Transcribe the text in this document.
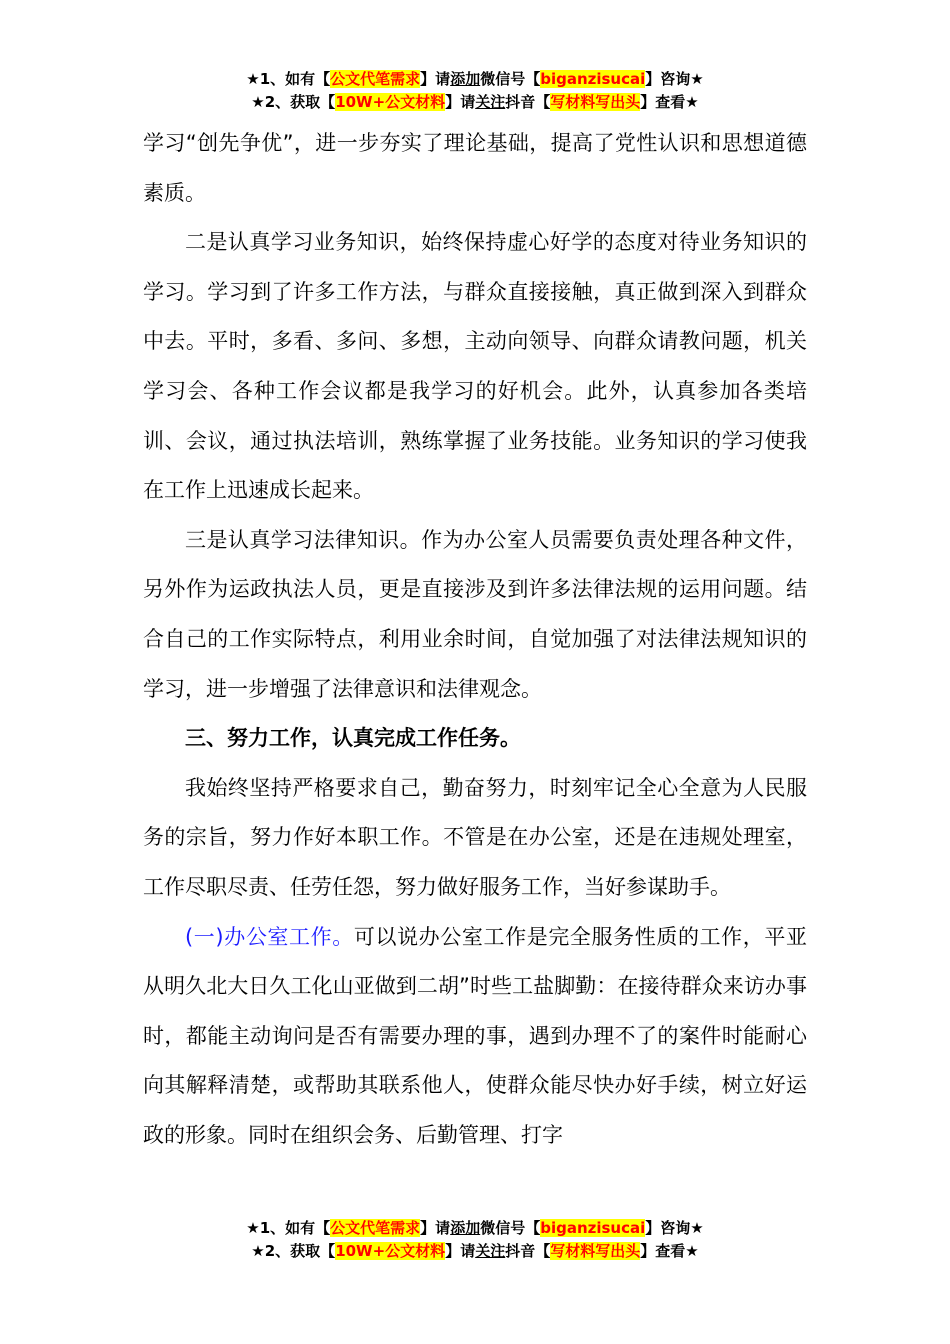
★1、如有【公文代笔需求】请添加微信号【biganzisucai】咨询★
★2、获取【10W+公文材料】请关注抖音【写材料写出头】查看★

学习“创先争优”，进一步夯实了理论基础，提高了党性认识和思想道德素质。

二是认真学习业务知识，始终保持虚心好学的态度对待业务知识的学习。学习到了许多工作方法，与群众直接接触，真正做到深入到群众中去。平时，多看、多问、多想，主动向领导、向群众请教问题，机关学习会、各种工作会议都是我学习的好机会。此外，认真参加各类培训、会议，通过执法培训，熟练掌握了业务技能。业务知识的学习使我在工作上迅速成长起来。

三是认真学习法律知识。作为办公室人员需要负责处理各种文件，另外作为运政执法人员，更是直接涉及到许多法律法规的运用问题。结合自己的工作实际特点，利用业余时间，自觉加强了对法律法规知识的学习，进一步增强了法律意识和法律观念。

三、努力工作，认真完成工作任务。

我始终坚持严格要求自己，勤奋努力，时刻牢记全心全意为人民服务的宗旨，努力作好本职工作。不管是在办公室，还是在违规处理室，工作尽职尽责、任劳任怨，努力做好服务工作，当好参谋助手。

(一)办公室工作。可以说办公室工作是完全服务性质的工作，平亚从明久北大日久工化山亚做到二胡”时些工盐脚勤：在接待群众来访办事时，都能主动询问是否有需要办理的事，遇到办理不了的案件时能耐心向其解释清楚，或帮助其联系他人，使群众能尽快办好手续，树立好运政的形象。同时在组织会务、后勤管理、打字

★1、如有【公文代笔需求】请添加微信号【biganzisucai】咨询★
★2、获取【10W+公文材料】请关注抖音【写材料写出头】查看★
